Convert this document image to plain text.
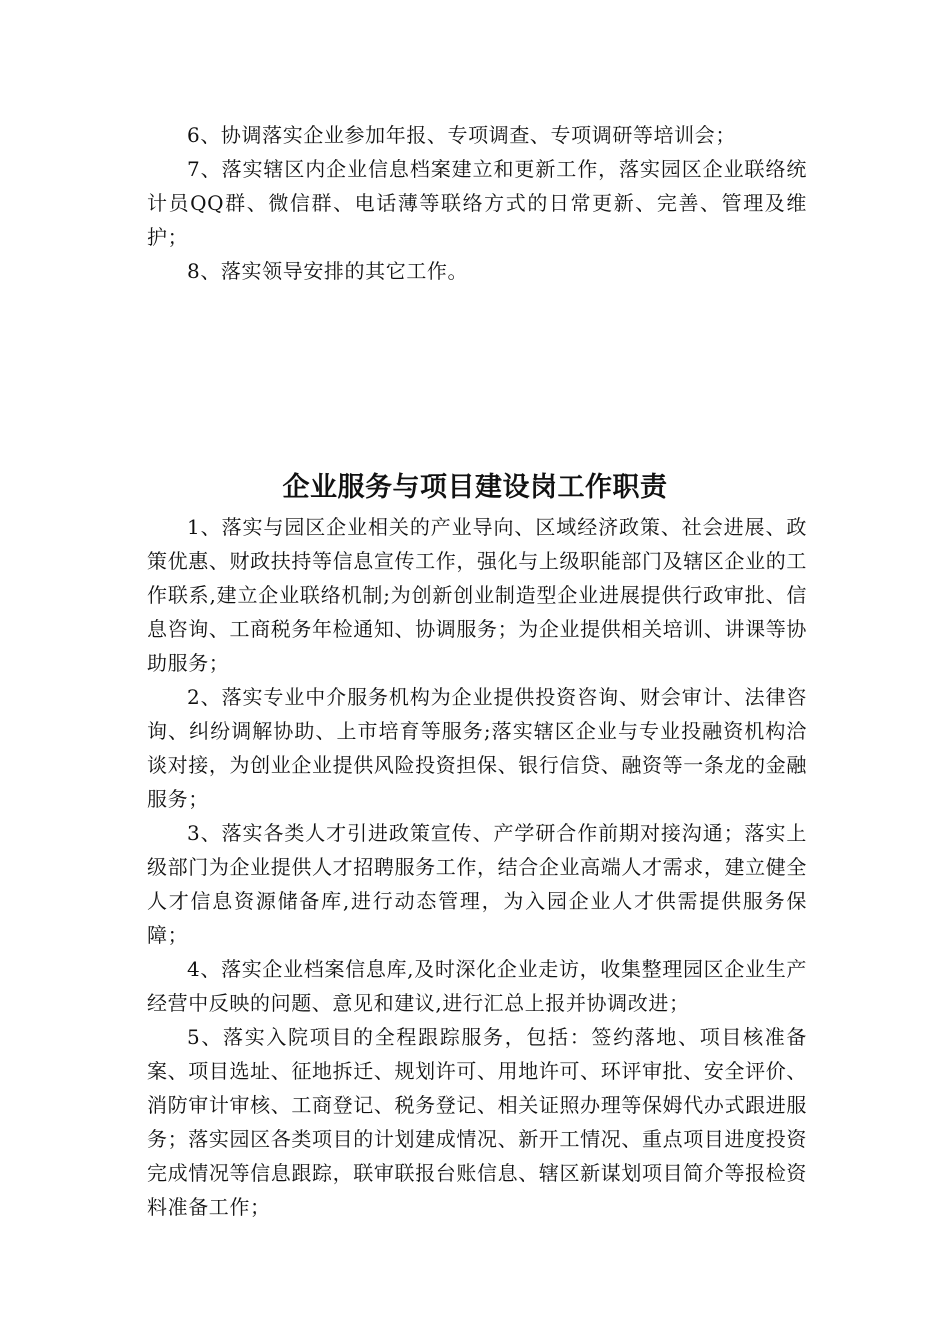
6、协调落实企业参加年报、专项调查、专项调研等培训会；

7、落实辖区内企业信息档案建立和更新工作，落实园区企业联络统计员QQ群、微信群、电话薄等联络方式的日常更新、完善、管理及维护；

8、落实领导安排的其它工作。

企业服务与项目建设岗工作职责

1、落实与园区企业相关的产业导向、区域经济政策、社会进展、政策优惠、财政扶持等信息宣传工作，强化与上级职能部门及辖区企业的工作联系,建立企业联络机制;为创新创业制造型企业进展提供行政审批、信息咨询、工商税务年检通知、协调服务；为企业提供相关培训、讲课等协助服务；

2、落实专业中介服务机构为企业提供投资咨询、财会审计、法律咨询、纠纷调解协助、上市培育等服务;落实辖区企业与专业投融资机构洽谈对接，为创业企业提供风险投资担保、银行信贷、融资等一条龙的金融服务；

3、落实各类人才引进政策宣传、产学研合作前期对接沟通；落实上级部门为企业提供人才招聘服务工作，结合企业高端人才需求，建立健全人才信息资源储备库,进行动态管理，为入园企业人才供需提供服务保障；

4、落实企业档案信息库,及时深化企业走访，收集整理园区企业生产经营中反映的问题、意见和建议,进行汇总上报并协调改进；

5、落实入院项目的全程跟踪服务，包括：签约落地、项目核准备案、项目选址、征地拆迁、规划许可、用地许可、环评审批、安全评价、消防审计审核、工商登记、税务登记、相关证照办理等保姆代办式跟进服务；落实园区各类项目的计划建成情况、新开工情况、重点项目进度投资完成情况等信息跟踪，联审联报台账信息、辖区新谋划项目简介等报检资料准备工作；
